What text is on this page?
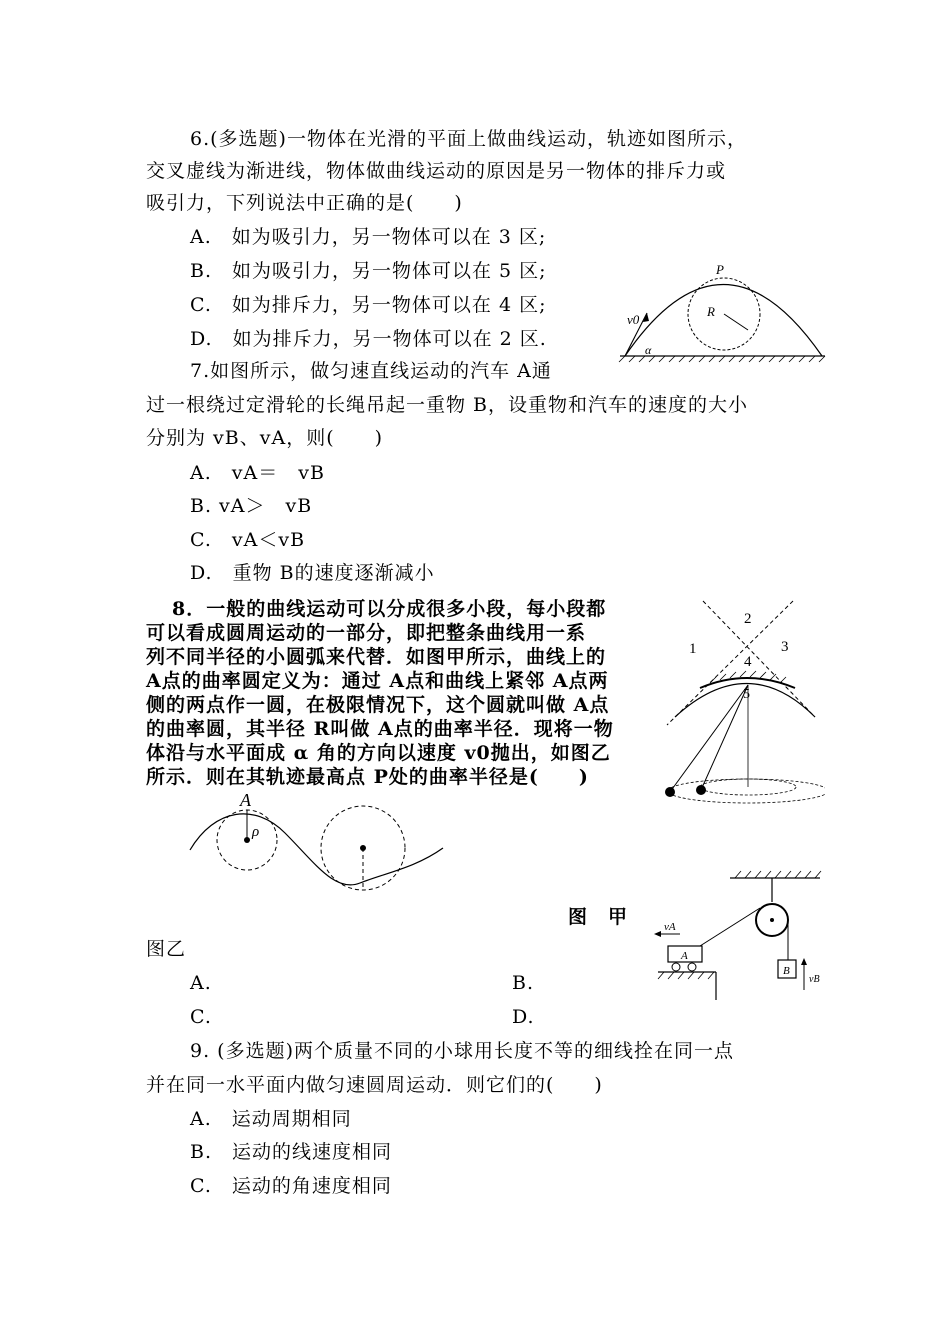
6.(多选题)一物体在光滑的平面上做曲线运动，轨迹如图所示，
交叉虚线为渐进线，物体做曲线运动的原因是另一物体的排斥力或
吸引力，下列说法中正确的是(　　)
A.　如为吸引力，另一物体可以在 3 区;
B.　如为吸引力，另一物体可以在 5 区;
C.　如为排斥力，另一物体可以在 4 区;
D.　如为排斥力，另一物体可以在 2 区.
P
R
v0
α
7.如图所示，做匀速直线运动的汽车 A通
过一根绕过定滑轮的长绳吊起一重物 B，设重物和汽车的速度的大小
分别为 vB、vA，则(　　)
A.　vA＝　vB
B. vA＞　vB
C.　vA＜vB
D.　重物 B的速度逐渐减小
1
2
3
4
5
8．一般的曲线运动可以分成很多小段，每小段都
可以看成圆周运动的一部分，即把整条曲线用一系
列不同半径的小圆弧来代替．如图甲所示，曲线上的
A点的曲率圆定义为：通过 A点和曲线上紧邻 A点两
侧的两点作一圆，在极限情况下，这个圆就叫做 A点
的曲率圆，其半径 R叫做 A点的曲率半径．现将一物
体沿与水平面成 α 角的方向以速度 v0抛出，如图乙
所示．则在其轨迹最高点 P处的曲率半径是(　　)
A
ρ
图　甲
图乙
A.	B.
C.	D.
vA
A
B
vB
9. (多选题)两个质量不同的小球用长度不等的细线拴在同一点
并在同一水平面内做匀速圆周运动．则它们的(　　)
A.　运动周期相同
B.　运动的线速度相同
C.　运动的角速度相同
